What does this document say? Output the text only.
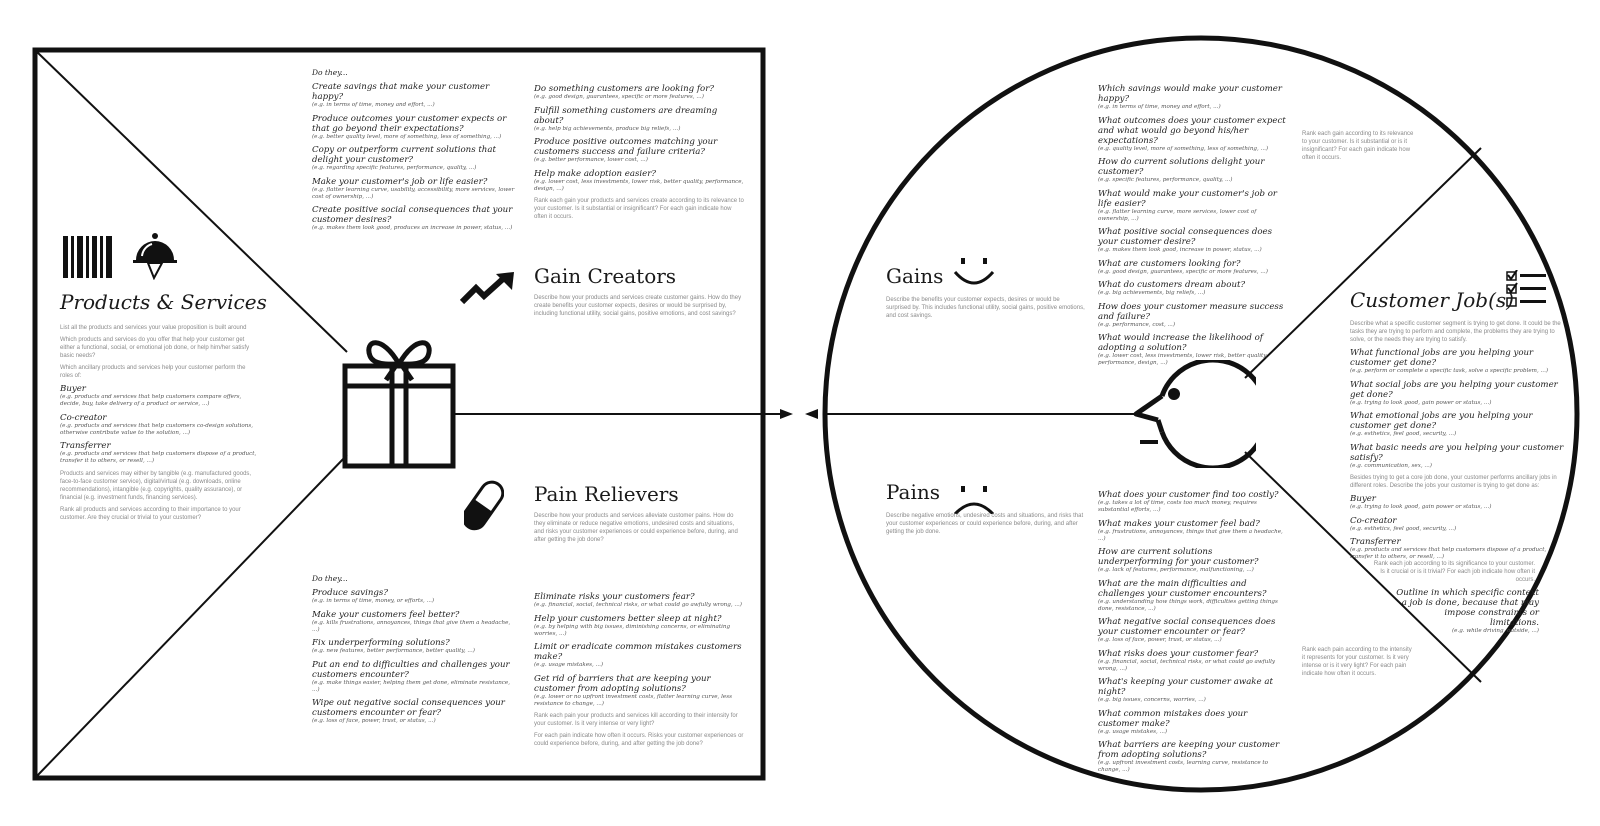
Products & Services
List all the products and services your value proposition is built around
Which products and services do you offer that help your customer get either a functional, social, or emotional job done, or help him/her satisfy basic needs?
Which ancillary products and services help your customer perform the roles of:
Buyer
(e.g. products and services that help customers compare offers, decide, buy, take delivery of a product or service, ...)
Co-creator
(e.g. products and services that help customers co-design solutions, otherwise contribute value to the solution, ...)
Transferrer
(e.g. products and services that help customers dispose of a product, transfer it to others, or resell, ...)
Products and services may either by tangible (e.g. manufactured goods, face-to-face customer service), digital/virtual (e.g. downloads, online recommendations), intangible (e.g. copyrights, quality assurance), or financial (e.g. investment funds, financing services).
Rank all products and services according to their importance to your customer. Are they crucial or trivial to your customer?
Do they...

Create savings that make your customer happy?

(e.g. in terms of time, money and effort, ...)

Produce outcomes your customer expects or that go beyond their expectations?

(e.g. better quality level, more of something, less of something, ...)

Copy or outperform current solutions that delight your customer?

(e.g. regarding specific features, performance, quality, ...)

Make your customer's job or life easier?

(e.g. flatter learning curve, usability, accessibility, more services, lower cost of ownership, ...)

Create positive social consequences that your customer desires?

(e.g. makes them look good, produces an increase in power, status, ...)

Do something customers are looking for?

(e.g. good design, guarantees, specific or more features, ...)

Fulfill something customers are dreaming about?

(e.g. help big achievements, produce big reliefs, ...)

Produce positive outcomes matching your customers success and failure criteria?

(e.g. better performance, lower cost, ...)

Help make adoption easier?

(e.g. lower cost, less investments, lower risk, better quality, performance, design, ...)

Rank each gain your products and services create according to its relevance to your customer. Is it substantial or insignificant? For each gain indicate how often it occurs.
Gain Creators
Describe how your products and services create customer gains. How do they create benefits your customer expects, desires or would be surprised by, including functional utility, social gains, positive emotions, and cost savings?
Pain Relievers
Describe how your products and services alleviate customer pains. How do they eliminate or reduce negative emotions, undesired costs and situations, and risks your customer experiences or could experience before, during, and after getting the job done?
Do they...

Produce savings?

(e.g. in terms of time, money, or efforts, ...)

Make your customers feel better?

(e.g. kills frustrations, annoyances, things that give them a headache, ...)

Fix underperforming solutions?

(e.g. new features, better performance, better quality, ...)

Put an end to difficulties and challenges your customers encounter?

(e.g. make things easier, helping them get done, eliminate resistance, ...)

Wipe out negative social consequences your customers encounter or fear?

(e.g. loss of face, power, trust, or status, ...)

Eliminate risks your customers fear?

(e.g. financial, social, technical risks, or what could go awfully wrong, ...)

Help your customers better sleep at night?

(e.g. by helping with big issues, diminishing concerns, or eliminating worries, ...)

Limit or eradicate common mistakes customers make?

(e.g. usage mistakes, ...)

Get rid of barriers that are keeping your customer from adopting solutions?

(e.g. lower or no upfront investment costs, flatter learning curve, less resistance to change, ...)

Rank each pain your products and services kill according to their intensity for your customer. Is it very intense or very light?
For each pain indicate how often it occurs. Risks your customer experiences or could experience before, during, and after getting the job done?
Gains
Describe the benefits your customer expects, desires or would be surprised by. This includes functional utility, social gains, positive emotions, and cost savings.

Which savings would make your customer happy?

(e.g. in terms of time, money and effort, ...)

What outcomes does your customer expect and what would go beyond his/her expectations?

(e.g. quality level, more of something, less of something, ...)

How do current solutions delight your customer?

(e.g. specific features, performance, quality, ...)

What would make your customer's job or life easier?

(e.g. flatter learning curve, more services, lower cost of ownership, ...)

What positive social consequences does your customer desire?

(e.g. makes them look good, increase in power, status, ...)

What are customers looking for?

(e.g. good design, guarantees, specific or more features, ...)

What do customers dream about?

(e.g. big achievements, big reliefs, ...)

How does your customer measure success and failure?

(e.g. performance, cost, ...)

What would increase the likelihood of adopting a solution?

(e.g. lower cost, less investments, lower risk, better quality, performance, design, ...)

Rank each gain according to its relevance to your customer. Is it substantial or is it insignificant? For each gain indicate how often it occurs.
Pains
Describe negative emotions, undesired costs and situations, and risks that your customer experiences or could experience before, during, and after getting the job done.

What does your customer find too costly?

(e.g. takes a lot of time, costs too much money, requires substantial efforts, ...)

What makes your customer feel bad?

(e.g. frustrations, annoyances, things that give them a headache, ...)

How are current solutions underperforming for your customer?

(e.g. lack of features, performance, malfunctioning, ...)

What are the main difficulties and challenges your customer encounters?

(e.g. understanding how things work, difficulties getting things done, resistance, ...)

What negative social consequences does your customer encounter or fear?

(e.g. loss of face, power, trust, or status, ...)

What risks does your customer fear?

(e.g. financial, social, technical risks, or what could go awfully wrong, ...)

What's keeping your customer awake at night?

(e.g. big issues, concerns, worries, ...)

What common mistakes does your customer make?

(e.g. usage mistakes, ...)

What barriers are keeping your customer from adopting solutions?

(e.g. upfront investment costs, learning curve, resistance to change, ...)

Rank each pain according to the intensity it represents for your customer. Is it very intense or is it very light? For each pain indicate how often it occurs.
Customer Job(s)
Describe what a specific customer segment is trying to get done. It could be the tasks they are trying to perform and complete, the problems they are trying to solve, or the needs they are trying to satisfy.

What functional jobs are you helping your customer get done?

(e.g. perform or complete a specific task, solve a specific problem, ...)

What social jobs are you helping your customer get done?

(e.g. trying to look good, gain power or status, ...)

What emotional jobs are you helping your customer get done?

(e.g. esthetics, feel good, security, ...)

What basic needs are you helping your customer satisfy?

(e.g. communication, sex, ...)

Besides trying to get a core job done, your customer performs ancillary jobs in different roles. Describe the jobs your customer is trying to get done as:
Buyer
(e.g. trying to look good, gain power or status, ...)
Co-creator
(e.g. esthetics, feel good, security, ...)
Transferrer
(e.g. products and services that help customers dispose of a product, transfer it to others, or resell, ...)
Rank each job according to its significance to your customer. Is it crucial or is it trivial? For each job indicate how often it occurs.

Outline in which specific context a job is done, because that may impose constraints or limitations.

(e.g. while driving, outside, ...)
